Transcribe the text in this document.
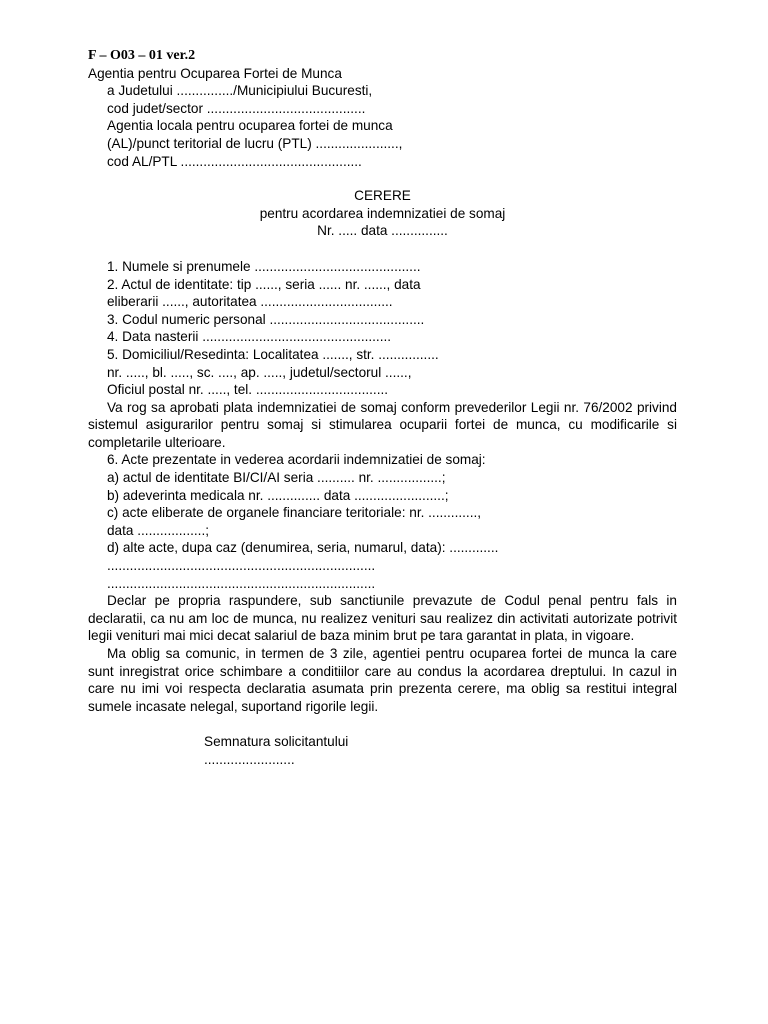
F – O03 – 01 ver.2
Agentia pentru Ocuparea Fortei de Munca
a Judetului .............../Municipiului Bucuresti,
cod judet/sector ..........................................
Agentia locala pentru ocuparea fortei de munca
(AL)/punct teritorial de lucru (PTL) ......................,
cod AL/PTL ................................................
CERERE
pentru acordarea indemnizatiei de somaj
Nr. ..... data ...............
1. Numele si prenumele ............................................
2. Actul de identitate: tip ......, seria ...... nr. ......, data
eliberarii ......, autoritatea ...................................
3. Codul numeric personal .........................................
4. Data nasterii ..................................................
5. Domiciliul/Resedinta: Localitatea ......., str. ................
nr. ....., bl. ....., sc. ...., ap. ....., judetul/sectorul ......,
Oficiul postal nr. ....., tel. ...................................
Va rog sa aprobati plata indemnizatiei de somaj conform prevederilor Legii nr. 76/2002 privind sistemul asigurarilor pentru somaj si stimularea ocuparii fortei de munca, cu modificarile si completarile ulterioare.
6. Acte prezentate in vederea acordarii indemnizatiei de somaj:
a) actul de identitate BI/CI/AI seria .......... nr. .................;
b) adeverinta medicala nr. .............. data ........................;
c) acte eliberate de organele financiare teritoriale: nr. .............,
data ..................;
d) alte acte, dupa caz (denumirea, seria, numarul, data): .............
.......................................................................
.......................................................................
Declar pe propria raspundere, sub sanctiunile prevazute de Codul penal pentru fals in declaratii, ca nu am loc de munca, nu realizez venituri sau realizez din activitati autorizate potrivit legii venituri mai mici decat salariul de baza minim brut pe tara garantat in plata, in vigoare.
Ma oblig sa comunic, in termen de 3 zile, agentiei pentru ocuparea fortei de munca la care sunt inregistrat orice schimbare a conditiilor care au condus la acordarea dreptului. In cazul in care nu imi voi respecta declaratia asumata prin prezenta cerere, ma oblig sa restitui integral sumele incasate nelegal, suportand rigorile legii.
Semnatura solicitantului
........................
